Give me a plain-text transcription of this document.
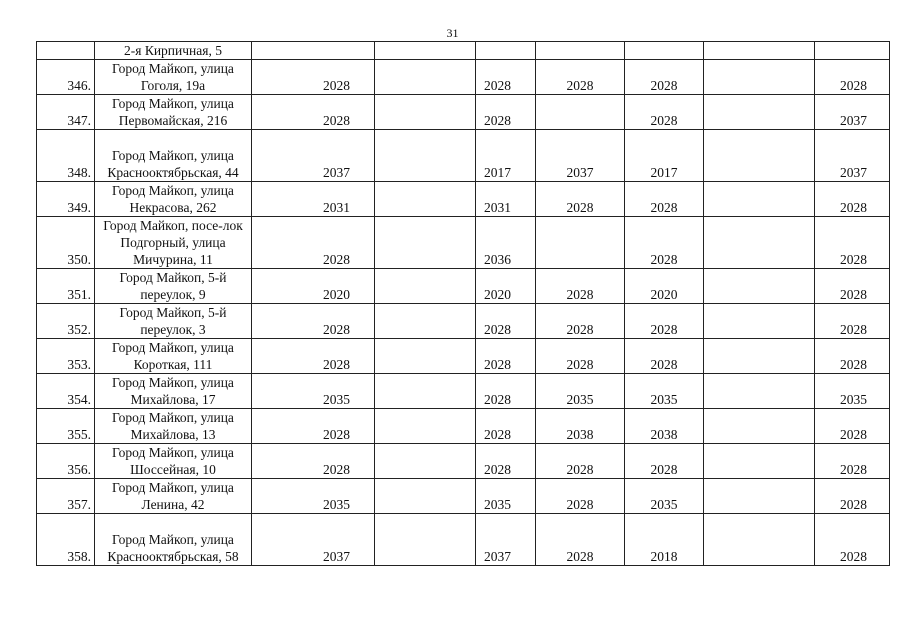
31
	2-я Кирпичная, 5							
346.	Город Майкоп, улица Гоголя, 19а	2028		2028	2028	2028		2028
347.	Город Майкоп, улица Первомайская, 216	2028		2028		2028		2037
348.	Город Майкоп, улица Краснооктябрьская, 44	2037		2017	2037	2017		2037
349.	Город Майкоп, улица Некрасова, 262	2031		2031	2028	2028		2028
350.	Город Майкоп, посе-лок Подгорный, улица Мичурина, 11	2028		2036		2028		2028
351.	Город Майкоп, 5-й переулок, 9	2020		2020	2028	2020		2028
352.	Город Майкоп, 5-й переулок, 3	2028		2028	2028	2028		2028
353.	Город Майкоп, улица Короткая, 111	2028		2028	2028	2028		2028
354.	Город Майкоп, улица Михайлова, 17	2035		2028	2035	2035		2035
355.	Город Майкоп, улица Михайлова, 13	2028		2028	2038	2038		2028
356.	Город Майкоп, улица Шоссейная, 10	2028		2028	2028	2028		2028
357.	Город Майкоп, улица Ленина, 42	2035		2035	2028	2035		2028
358.	Город Майкоп, улица Краснооктябрьская, 58	2037		2037	2028	2018		2028
